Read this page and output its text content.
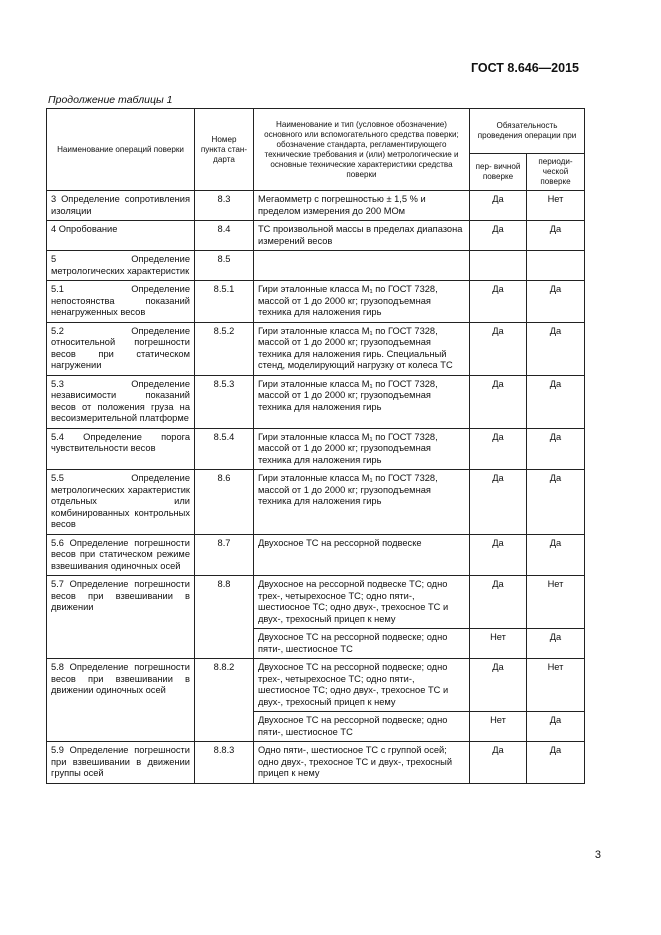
ГОСТ 8.646—2015
Продолжение таблицы 1
Наименование операций поверки	Номер пункта стан- дарта	Наименование и тип (условное обозначение) основного или вспомогательного средства поверки; обозначение стандарта, регламентирующего технические требования и (или) метрологические и основные технические характеристики средства поверки	Обязательность проведения операции при	
			пер- вичной поверке	периоди- ческой поверке
3 Определение сопротивления изоляции	8.3	Мегаомметр с погрешностью ± 1,5 % и пределом измерения до 200 МОм	Да	Нет
4 Опробование	8.4	ТС произвольной массы в пределах диапазона измерений весов	Да	Да
5 Определение метрологических характеристик	8.5			
5.1 Определение непостоянства показаний ненагруженных весов	8.5.1	Гири эталонные класса M₁ по ГОСТ 7328, массой от 1 до 2000 кг; грузоподъемная техника для наложения гирь	Да	Да
5.2 Определение относительной погрешности весов при статическом нагружении	8.5.2	Гири эталонные класса M₁ по ГОСТ 7328, массой от 1 до 2000 кг; грузоподъемная техника для наложения гирь. Специальный стенд, моделирующий нагрузку от колеса ТС	Да	Да
5.3 Определение независимости показаний весов от положения груза на весоизмерительной платформе	8.5.3	Гири эталонные класса M₁ по ГОСТ 7328, массой от 1 до 2000 кг; грузоподъемная техника для наложения гирь	Да	Да
5.4 Определение порога чувствительности весов	8.5.4	Гири эталонные класса M₁ по ГОСТ 7328, массой от 1 до 2000 кг; грузоподъемная техника для наложения гирь	Да	Да
5.5 Определение метрологических характеристик отдельных или комбинированных контрольных весов	8.6	Гири эталонные класса M₁ по ГОСТ 7328, массой от 1 до 2000 кг; грузоподъемная техника для наложения гирь	Да	Да
5.6 Определение погрешности весов при статическом режиме взвешивания одиночных осей	8.7	Двухосное ТС на рессорной подвеске	Да	Да
5.7 Определение погрешности весов при взвешивании в движении	8.8	Двухосное на рессорной подвеске ТС; одно трех-, четырехосное ТС; одно пяти-, шестиосное ТС; одно двух-, трехосное ТС и двух-, трехосный прицеп к нему	Да	Нет
		Двухосное ТС на рессорной подвеске; одно пяти-, шестиосное ТС	Нет	Да
5.8 Определение погрешности весов при взвешивании в движении одиночных осей	8.8.2	Двухосное ТС на рессорной подвеске; одно трех-, четырехосное ТС; одно пяти-, шестиосное ТС; одно двух-, трехосное ТС и двух-, трехосный прицеп к нему	Да	Нет
		Двухосное ТС на рессорной подвеске; одно пяти-, шестиосное ТС	Нет	Да
5.9 Определение погрешности при взвешивании в движении группы осей	8.8.3	Одно пяти-, шестиосное ТС с группой осей; одно двух-, трехосное ТС и двух-, трехосный прицеп к нему	Да	Да
3
